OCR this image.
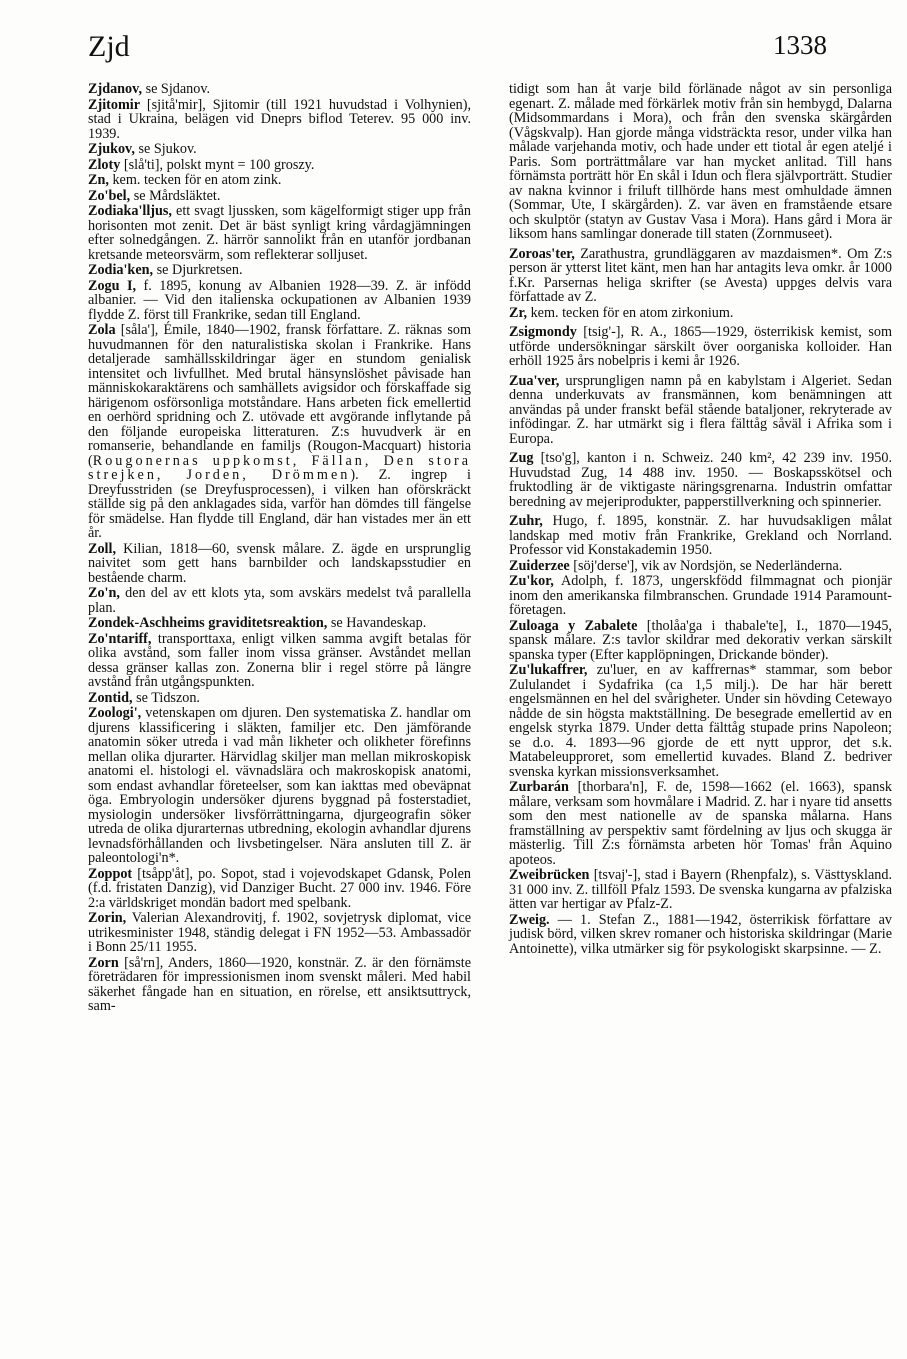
Zjd	1338
Zjdanov, se Sjdanov.
Zjitomir [sjitå'mir], Sjitomir (till 1921 huvudstad i Volhynien), stad i Ukraina, belägen vid Dneprs biflod Teterev. 95 000 inv. 1939.
Zjukov, se Sjukov.
Zloty [slå'ti], polskt mynt = 100 groszy.
Zn, kem. tecken för en atom zink.
Zo'bel, se Mårdsläktet.
Zodiaka'lljus, ett svagt ljussken, som kägelformigt stiger upp från horisonten mot zenit. Det är bäst synligt kring vårdagjämningen efter solnedgången. Z. härrör sannolikt från en utanför jordbanan kretsande meteorsvärm, som reflekterar solljuset.
Zodia'ken, se Djurkretsen.
Zogu I, f. 1895, konung av Albanien 1928—39. Z. är infödd albanier. — Vid den italienska ockupationen av Albanien 1939 flydde Z. först till Frankrike, sedan till England.
Zola [såla'], Émile, 1840—1902, fransk författare. Z. räknas som huvudmannen för den naturalistiska skolan i Frankrike. Hans detaljerade samhällsskildringar äger en stundom genialisk intensitet och livfullhet. Med brutal hänsynslöshet påvisade han människokaraktärens och samhällets avigsidor och förskaffade sig härigenom osförsonliga motståndare. Hans arbeten fick emellertid en oerhörd spridning och Z. utövade ett avgörande inflytande på den följande europeiska litteraturen. Z:s huvudverk är en romanserie, behandlande en familjs (Rougon-Macquart) historia (Rougonernas uppkomst, Fällan, Den stora strejken, Jorden, Drömmen). Z. ingrep i Dreyfusstriden (se Dreyfusprocessen), i vilken han oförskräckt ställde sig på den anklagades sida, varför han dömdes till fängelse för smädelse. Han flydde till England, där han vistades mer än ett år.
Zoll, Kilian, 1818—60, svensk målare. Z. ägde en ursprunglig naivitet som gett hans barnbilder och landskapsstudier en bestående charm.
Zo'n, den del av ett klots yta, som avskärs medelst två parallella plan.
Zondek-Aschheims graviditetsreaktion, se Havandeskap.
Zo'ntariff, transporttaxa, enligt vilken samma avgift betalas för olika avstånd, som faller inom vissa gränser. Avståndet mellan dessa gränser kallas zon. Zonerna blir i regel större på längre avstånd från utgångspunkten.
Zontid, se Tidszon.
Zoologi', vetenskapen om djuren. Den systematiska Z. handlar om djurens klassificering i släkten, familjer etc. Den jämförande anatomin söker utreda i vad mån likheter och olikheter förefinns mellan olika djurarter. Härvidlag skiljer man mellan mikroskopisk anatomi el. histologi el. vävnadslära och makroskopisk anatomi, som endast avhandlar företeelser, som kan iakttas med obeväpnat öga. Embryologin undersöker djurens byggnad på fosterstadiet, mysiologin undersöker livsförrättningarna, djurgeografin söker utreda de olika djurarternas utbredning, ekologin avhandlar djurens levnadsförhållanden och livsbetingelser. Nära ansluten till Z. är paleontologi'n*.
Zoppot [tsåpp'åt], po. Sopot, stad i vojevodskapet Gdansk, Polen (f.d. fristaten Danzig), vid Danziger Bucht. 27 000 inv. 1946. Före 2:a världskriget mondän badort med spelbank.
Zorin, Valerian Alexandrovitj, f. 1902, sovjetrysk diplomat, vice utrikesminister 1948, ständig delegat i FN 1952—53. Ambassadör i Bonn 25/11 1955.
Zorn [så'rn], Anders, 1860—1920, konstnär. Z. är den förnämste företrädaren för impressionismen inom svenskt måleri. Med habil säkerhet fångade han en situation, en rörelse, ett ansiktsuttryck, sam-
tidigt som han åt varje bild förlänade något av sin personliga egenart. Z. målade med förkärlek motiv från sin hembygd, Dalarna (Midsommardans i Mora), och från den svenska skärgården (Vågskvalp). Han gjorde många vidsträckta resor, under vilka han målade varjehanda motiv, och hade under ett tiotal år egen ateljé i Paris. Som porträttmålare var han mycket anlitad. Till hans förnämsta porträtt hör En skål i Idun och flera självporträtt. Studier av nakna kvinnor i friluft tillhörde hans mest omhuldade ämnen (Sommar, Ute, I skärgården). Z. var även en framstående etsare och skulptör (statyn av Gustav Vasa i Mora). Hans gård i Mora är liksom hans samlingar donerade till staten (Zornmuseet).
Zoroas'ter, Zarathustra, grundläggaren av mazdaismen*. Om Z:s person är ytterst litet känt, men han har antagits leva omkr. år 1000 f.Kr. Parsernas heliga skrifter (se Avesta) uppges delvis vara författade av Z.
Zr, kem. tecken för en atom zirkonium.
Zsigmondy [tsig'-], R. A., 1865—1929, österrikisk kemist, som utförde undersökningar särskilt över oorganiska kolloider. Han erhöll 1925 års nobelpris i kemi år 1926.
Zua'ver, ursprungligen namn på en kabylstam i Algeriet. Sedan denna underkuvats av fransmännen, kom benämningen att användas på under franskt befäl stående bataljoner, rekryterade av infödingar. Z. har utmärkt sig i flera fälttåg såväl i Afrika som i Europa.
Zug [tso'g], kanton i n. Schweiz. 240 km², 42 239 inv. 1950. Huvudstad Zug, 14 488 inv. 1950. — Boskapsskötsel och fruktodling är de viktigaste näringsgrenarna. Industrin omfattar beredning av mejeriprodukter, papperstillverkning och spinnerier.
Zuhr, Hugo, f. 1895, konstnär. Z. har huvudsakligen målat landskap med motiv från Frankrike, Grekland och Norrland. Professor vid Konstakademin 1950.
Zuiderzee [söj'derse'], vik av Nordsjön, se Nederländerna.
Zu'kor, Adolph, f. 1873, ungerskfödd filmmagnat och pionjär inom den amerikanska filmbranschen. Grundade 1914 Paramount-företagen.
Zuloaga y Zabalete [tholåa'ga i thabale'te], I., 1870—1945, spansk målare. Z:s tavlor skildrar med dekorativ verkan särskilt spanska typer (Efter kapplöpningen, Drickande bönder).
Zu'lukaffrer, zu'luer, en av kaffrernas* stammar, som bebor Zululandet i Sydafrika (ca 1,5 milj.). De har här berett engelsmännen en hel del svårigheter. Under sin hövding Cetewayo nådde de sin högsta maktställning. De besegrade emellertid av en engelsk styrka 1879. Under detta fälttåg stupade prins Napoleon; se d.o. 4. 1893—96 gjorde de ett nytt uppror, det s.k. Matabeleupproret, som emellertid kuvades. Bland Z. bedriver svenska kyrkan missionsverksamhet.
Zurbarán [thorbara'n], F. de, 1598—1662 (el. 1663), spansk målare, verksam som hovmålare i Madrid. Z. har i nyare tid ansetts som den mest nationelle av de spanska målarna. Hans framställning av perspektiv samt fördelning av ljus och skugga är mästerlig. Till Z:s förnämsta arbeten hör Tomas' från Aquino apoteos.
Zweibrücken [tsvaj'-], stad i Bayern (Rhenpfalz), s. Västtyskland. 31 000 inv. Z. tillföll Pfalz 1593. De svenska kungarna av pfalziska ätten var hertigar av Pfalz-Z.
Zweig. — 1. Stefan Z., 1881—1942, österrikisk författare av judisk börd, vilken skrev romaner och historiska skildringar (Marie Antoinette), vilka utmärker sig för psykologiskt skarpsinne. — Z.
